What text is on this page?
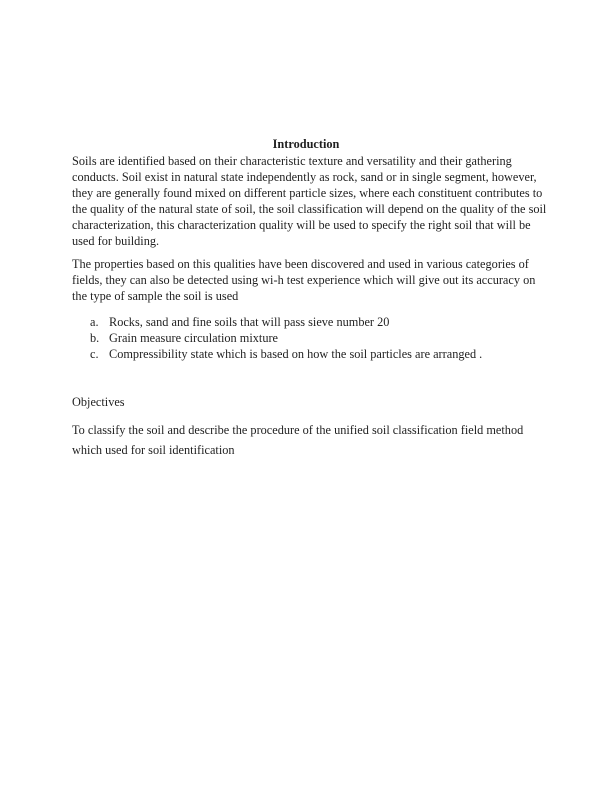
Introduction
Soils are identified based on their characteristic texture and versatility and their gathering
conducts. Soil exist in natural state independently as rock, sand or in single segment, however,
they are generally found mixed on different particle sizes, where each constituent contributes to
the quality of the natural state of soil, the soil classification will depend on the quality of the soil
characterization, this characterization quality will be used to specify the right soil that will be
used for building.
The properties based on this qualities have been discovered and used in various categories of
fields, they can also be detected using wi-h test experience which will give out its accuracy on
the type of sample the soil is used
a. Rocks, sand and fine soils that will pass sieve number 20
b. Grain measure circulation mixture
c. Compressibility state which is based on how the soil particles are arranged .
Objectives
To classify the soil and describe the procedure of the unified soil classification field method
which used for soil identification
